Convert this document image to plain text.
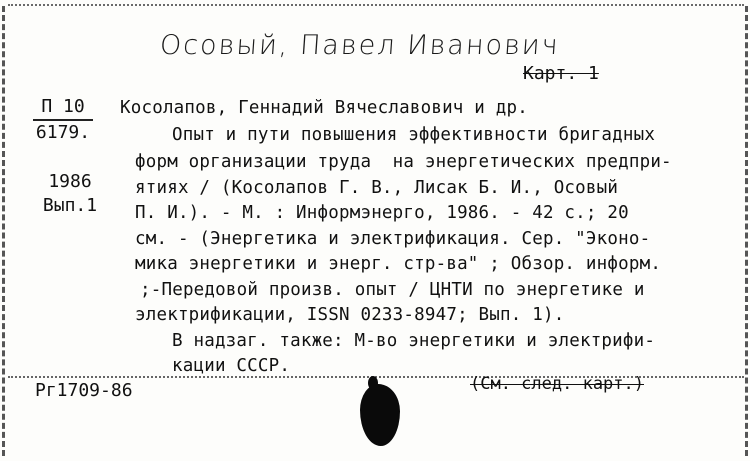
Осовый, Павел Иванович
Карт. 1
П 10
6179.
1986
Вып.1
Косолапов, Геннадий Вячеславович и др.
Опыт и пути повышения эффективности бригадных
форм организации труда  на энергетических предпри-
ятиях / (Косолапов Г. В., Лисак Б. И., Осовый
П. И.). - М. : Информэнерго, 1986. - 42 с.; 20
см. - (Энергетика и электрификация. Сер. "Эконо-
мика энергетики и энерг. стр-ва" ; Обзор. информ.
;-Передовой произв. опыт / ЦНТИ по энергетике и
электрификации, ISSN 0233-8947; Вып. 1).
В надзаг. также: М-во энергетики и электрифи-
кации СССР.
Рг1709-86	(См. след. карт.)
